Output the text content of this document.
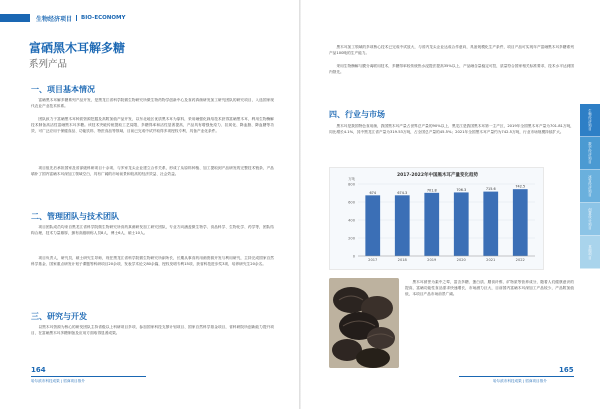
生物经济项目 BIO-ECONOMY
富硒黑木耳解多糖
系列产品
一、项目基本情况
富硒黑木耳解多糖系列产品开发，是黑龙江省科学院微生物研究所微生物药物学创新中心及食药真菌研发加工研究团队的研究项目，入选国家现代农业产业技术体系。
团队致力于富硒黑木耳种质资源挖掘及高附加值产品开发，以东北地区优质黑木耳为原料，采用硒强化栽培技术获得富硒黑木耳，利用生物酶解技术制备高活性富硒黑木耳多糖。该技术突破传统提取工艺局限，多糖得率和活性显著提高，产品具有增强免疫力、抗氧化、降血脂、降血糖等功效，可广泛应用于保健食品、功能饮料、特医食品等领域，目前已完成中试并取得多项授权专利，具备产业化条件。
项目组先后承担国家及省部级科研项目十余项，与多家龙头企业建立合作关系，形成了从原料种植、加工提取到产品研发的完整技术链条，产品填补了国内富硒木耳深加工领域空白，具有广阔的市场前景和较高的经济效益、社会效益。
二、管理团队与技术团队
项目团队成员均来自黑龙江省科学院微生物研究所食药真菌研发加工研究团队，专业方向涵盖微生物学、食品科学、生物化学、药学等，团队结构合理，技术力量雄厚，拥有高级职称人员8人，博士6人，硕士10人。
项目负责人，研究员，硕士研究生导师，现任黑龙江省科学院微生物研究所副所长，长期从事食药用菌资源开发与利用研究，主持完成国家自然科学基金、国家重点研发计划子课题等科研项目20余项，发表学术论文80余篇，授权发明专利15项，获省科技进步奖3项，培养研究生20余名。
三、研究与开发
以黑木耳资源为核心的研发团队主持省级以上科研项目多项，参加国家科技支撑计划项目、国家自然科学基金项目，省科研院所创新能力提升项目，在富硒黑木耳多糖制备及应用方面取得显著成果。
164
哈尔滨市科技成果 | 招商项目推介
黑木耳加工领域的多项核心技术已完成中试放大，与省内龙头企业达成合作意向，具备规模化生产条件，项目产品可实现年产富硒黑木耳多糖系列产品100吨的生产能力。
采用生物酶解与膜分离联用技术，多糖得率较传统热水浸提法提高35%以上，产品硒含量稳定可控，质量符合国家相关标准要求，技术水平达到国内领先。
四、行业与市场
黑木耳是我国特色食用菌，我国黑木耳产量占世界总产量的90%以上，黑龙江是我国黑木耳第一主产区，2019年全国黑木耳产量为701.81万吨，同比增长4.1%，其中黑龙江省产量为319.53万吨，占全国总产量的45.5%；2021年全国黑木耳产量约为742.5万吨，行业市场规模持续扩大。
2017-2022年中国黑木耳产量变化趋势
0
200
400
600
800
674
2017
674.3
2018
701.8
2019
706.3
2020
715.6
2021
742.5
2022
万吨
黑木耳被誉为素中之荤，富含多糖、蛋白质、膳食纤维、矿物质等营养成分，随着人们健康意识的提高，富硒功能性食品需求快速增长，市场潜力巨大，目前国内富硒木耳深加工产品较少，产品附加值低，本项目产品市场前景广阔。
生物经济项目
数字经济项目
冰雪经济项目
创意设计项目
其他项目
165
哈尔滨市科技成果 | 招商项目推介
